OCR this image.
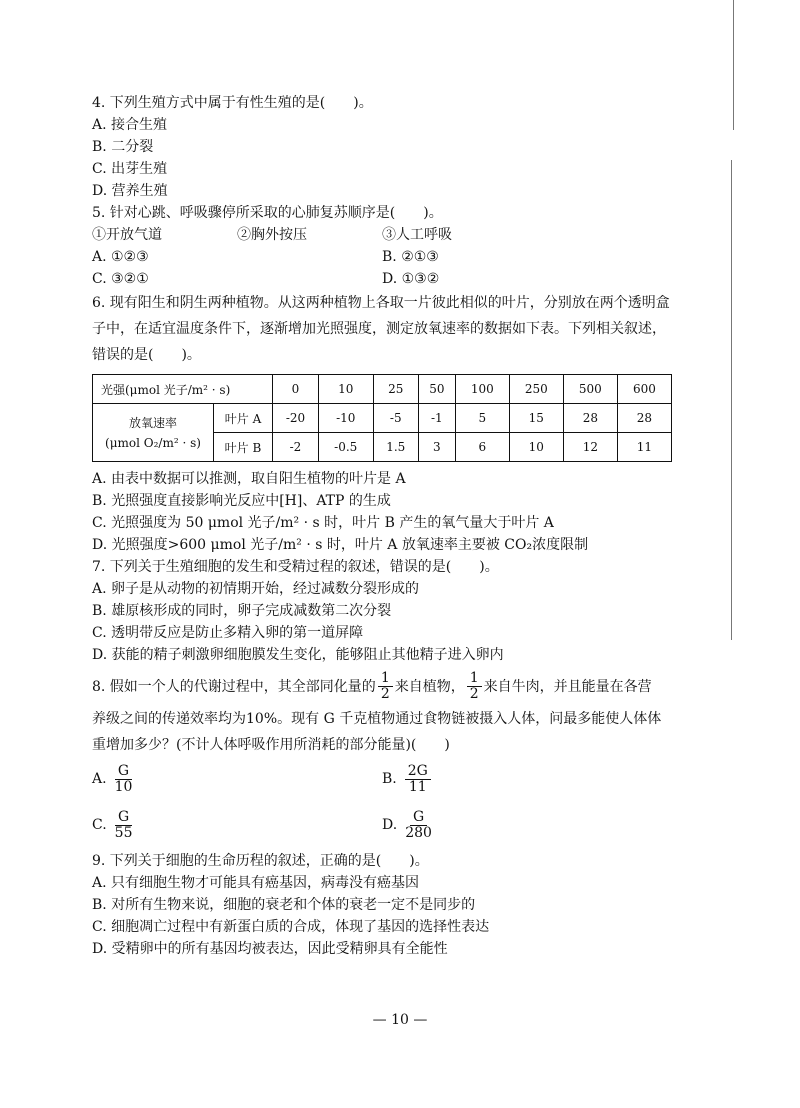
4. 下列生殖方式中属于有性生殖的是(　　)。
A. 接合生殖
B. 二分裂
C. 出芽生殖
D. 营养生殖
5. 针对心跳、呼吸骤停所采取的心肺复苏顺序是(　　)。
①开放气道	②胸外按压	③人工呼吸
A. ①②③	B. ②①③
C. ③②①	D. ①③②
6. 现有阳生和阴生两种植物。从这两种植物上各取一片彼此相似的叶片，分别放在两个透明盒子中，在适宜温度条件下，逐渐增加光照强度，测定放氧速率的数据如下表。下列相关叙述，错误的是(　　)。
光强(μmol 光子/m² · s)		0	10	25	50	100	250	500	600

放氧速率
(μmol O₂/m² · s)	叶片 A	-20	-10	-5	-1	5	15	28	28
	叶片 B	-2	-0.5	1.5	3	6	10	12	11
A. 由表中数据可以推测，取自阳生植物的叶片是 A
B. 光照强度直接影响光反应中[H]、ATP 的生成
C. 光照强度为 50 μmol 光子/m² · s 时，叶片 B 产生的氧气量大于叶片 A
D. 光照强度>600 μmol 光子/m² · s 时，叶片 A 放氧速率主要被 CO₂浓度限制
7. 下列关于生殖细胞的发生和受精过程的叙述，错误的是(　　)。
A. 卵子是从动物的初情期开始，经过减数分裂形成的
B. 雄原核形成的同时，卵子完成减数第二次分裂
C. 透明带反应是防止多精入卵的第一道屏障
D. 获能的精子刺激卵细胞膜发生变化，能够阻止其他精子进入卵内
8. 假如一个人的代谢过程中，其全部同化量的 $\frac{1}{2}$ 来自植物， $\frac{1}{2}$ 来自牛肉，并且能量在各营
养级之间的传递效率均为10%。现有 G 千克植物通过食物链被摄入人体，问最多能使人体体重增加多少？(不计人体呼吸作用所消耗的部分能量)(　　)
A. $\frac{G}{10}$	B. $\frac{2G}{11}$
C. $\frac{G}{55}$	D. $\frac{G}{280}$
9. 下列关于细胞的生命历程的叙述，正确的是(　　)。
A. 只有细胞生物才可能具有癌基因，病毒没有癌基因
B. 对所有生物来说，细胞的衰老和个体的衰老一定不是同步的
C. 细胞凋亡过程中有新蛋白质的合成，体现了基因的选择性表达
D. 受精卵中的所有基因均被表达，因此受精卵具有全能性
— 10 —
